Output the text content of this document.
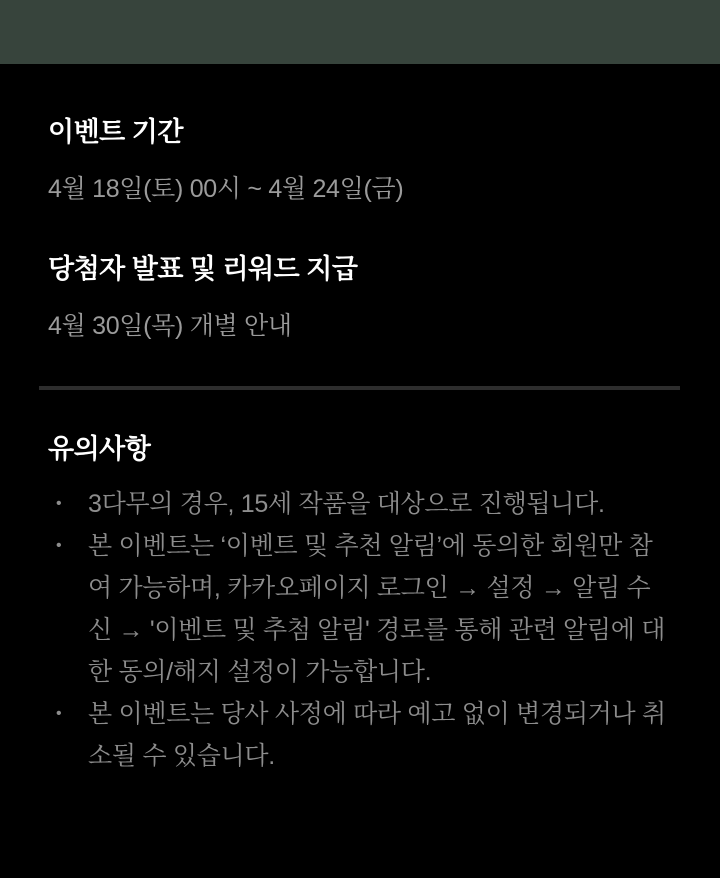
이벤트 기간

4월 18일(토) 00시 ~ 4월 24일(금)

당첨자 발표 및 리워드 지급

4월 30일(목) 개별 안내

유의사항
• 3다무의 경우, 15세 작품을 대상으로 진행됩니다.
• 본 이벤트는 ‘이벤트 및 추천 알림’에 동의한 회원만 참여 가능하며, 카카오페이지 로그인 → 설정 → 알림 수신 → '이벤트 및 추첨 알림' 경로를 통해 관련 알림에 대한 동의/해지 설정이 가능합니다.
• 본 이벤트는 당사 사정에 따라 예고 없이 변경되거나 취소될 수 있습니다.
